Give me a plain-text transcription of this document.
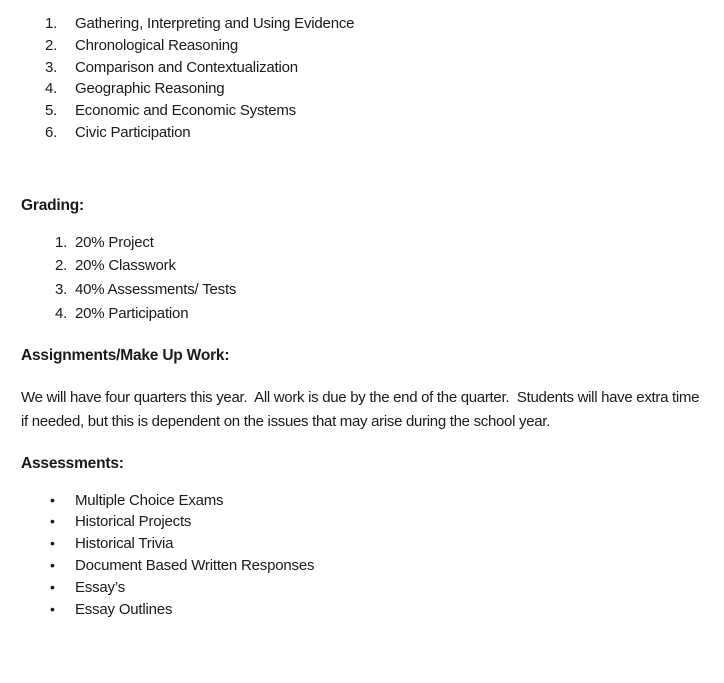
1.	Gathering, Interpreting and Using Evidence
2.	Chronological Reasoning
3.	Comparison and Contextualization
4.	Geographic Reasoning
5.	Economic and Economic Systems
6.	Civic Participation
Grading:
1. 20% Project
2. 20% Classwork
3. 40% Assessments/ Tests
4. 20% Participation
Assignments/Make Up Work:
We will have four quarters this year.  All work is due by the end of the quarter.  Students will have extra time if needed, but this is dependent on the issues that may arise during the school year.
Assessments:
•	Multiple Choice Exams
•	Historical Projects
•	Historical Trivia
•	Document Based Written Responses
•	Essay’s
•	Essay Outlines
